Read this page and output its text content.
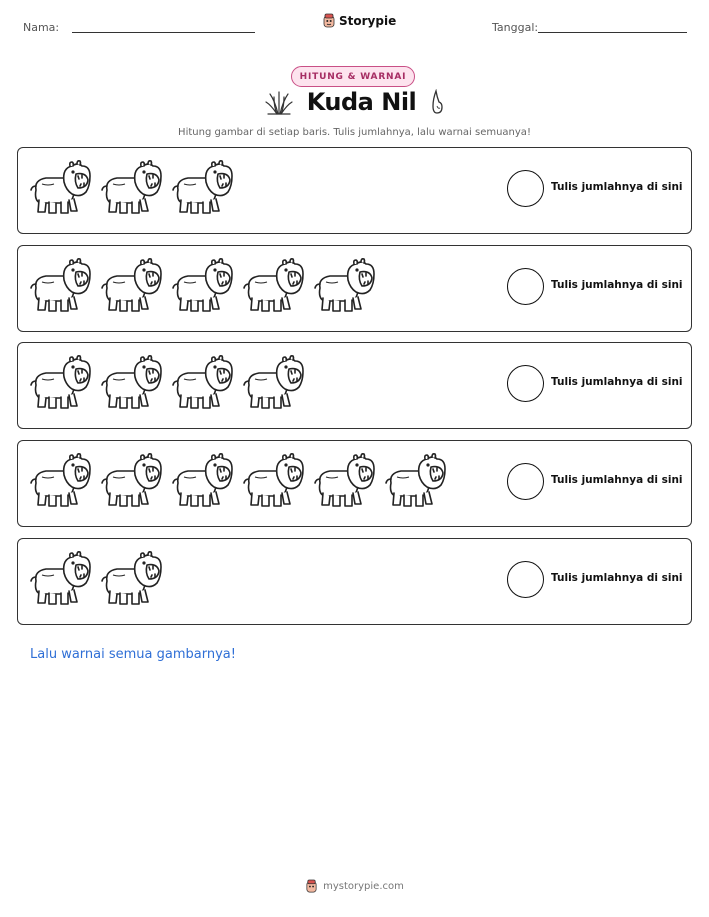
Nama:	Storypie	Tanggal:
HITUNG & WARNAI
Kuda Nil
Hitung gambar di setiap baris. Tulis jumlahnya, lalu warnai semuanya!
Tulis jumlahnya di sini
Tulis jumlahnya di sini
Tulis jumlahnya di sini
Tulis jumlahnya di sini
Tulis jumlahnya di sini
Lalu warnai semua gambarnya!
mystorypie.com
